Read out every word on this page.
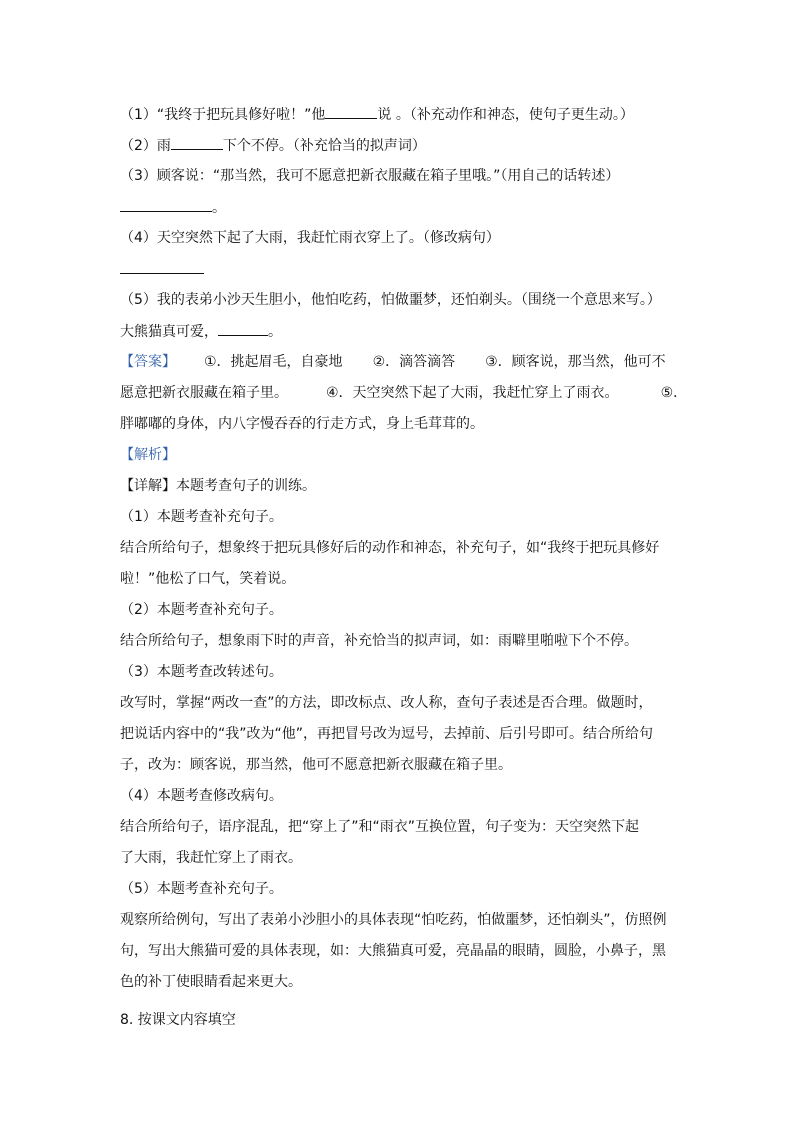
（1）“我终于把玩具修好啦！”他	说 。（补充动作和神态，使句子更生动。）
（2）雨	下个不停。（补充恰当的拟声词）
（3）顾客说：“那当然，我可不愿意把新衣服藏在箱子里哦。”（用自己的话转述）
。
（4）天空突然下起了大雨，我赶忙雨衣穿上了。（修改病句）
（5）我的表弟小沙天生胆小，他怕吃药，怕做噩梦，还怕剃头。（围绕一个意思来写。）
大熊猫真可爱，	。
【答案】 ①．挑起眉毛，自豪地 ②．滴答滴答 ③．顾客说，那当然，他可不
愿意把新衣服藏在箱子里。	④．天空突然下起了大雨，我赶忙穿上了雨衣。	⑤．
胖嘟嘟的身体，内八字慢吞吞的行走方式，身上毛茸茸的。
【解析】
【详解】本题考查句子的训练。
（1）本题考查补充句子。
结合所给句子，想象终于把玩具修好后的动作和神态，补充句子，如“我终于把玩具修好
啦！”他松了口气，笑着说。
（2）本题考查补充句子。
结合所给句子，想象雨下时的声音，补充恰当的拟声词，如：雨噼里啪啦下个不停。
（3）本题考查改转述句。
改写时，掌握“两改一查”的方法，即改标点、改人称，查句子表述是否合理。做题时，
把说话内容中的“我”改为“他”，再把冒号改为逗号，去掉前、后引号即可。结合所给句
子，改为：顾客说，那当然，他可不愿意把新衣服藏在箱子里。
（4）本题考查修改病句。
结合所给句子，语序混乱，把“穿上了”和“雨衣”互换位置，句子变为：天空突然下起
了大雨，我赶忙穿上了雨衣。
（5）本题考查补充句子。
观察所给例句，写出了表弟小沙胆小的具体表现“怕吃药，怕做噩梦，还怕剃头”，仿照例
句，写出大熊猫可爱的具体表现，如：大熊猫真可爱，亮晶晶的眼睛，圆脸，小鼻子，黑
色的补丁使眼睛看起来更大。
8. 按课文内容填空
